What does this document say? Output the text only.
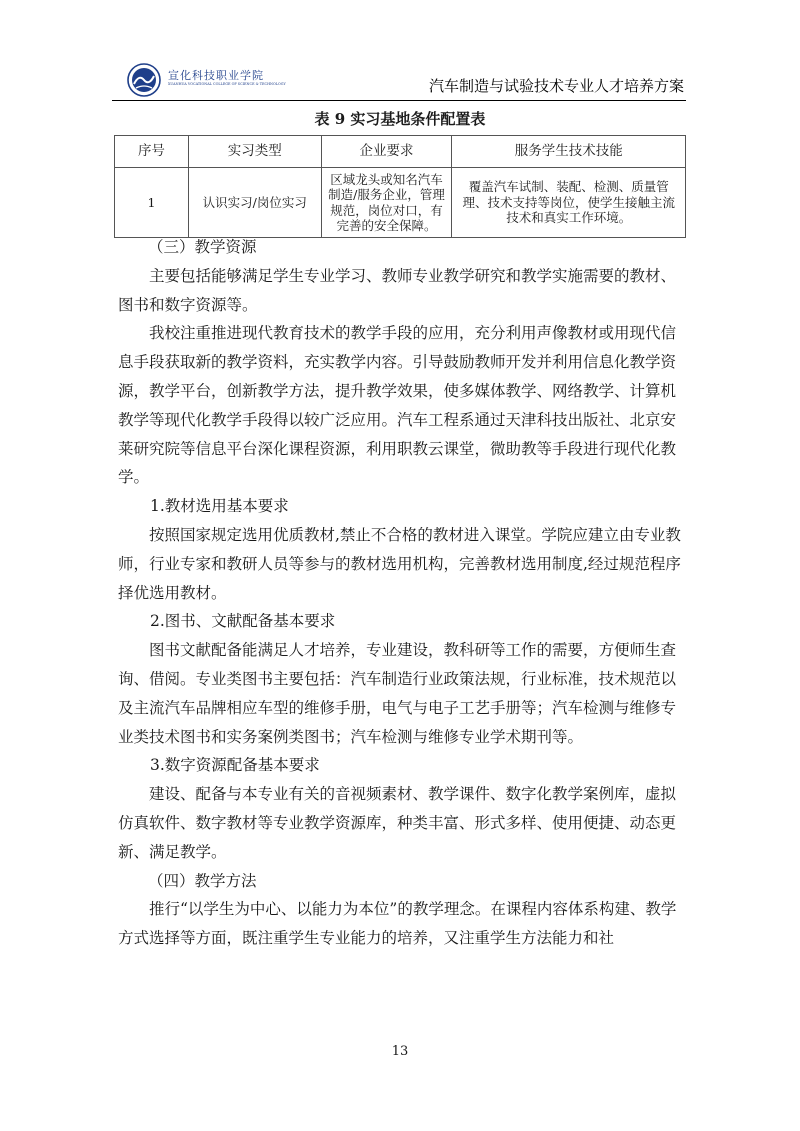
宣化科技职业学院
XUANHUA VOCATIONAL COLLEGE OF SCIENCE & TECHNOLOGY	汽车制造与试验技术专业人才培养方案
表 9 实习基地条件配置表
序号	实习类型	企业要求	服务学生技术技能
1	认识实习/岗位实习	区域龙头或知名汽车制造/服务企业，管理规范，岗位对口，有完善的安全保障。	覆盖汽车试制、装配、检测、质量管理、技术支持等岗位，使学生接触主流技术和真实工作环境。

（三）教学资源

主要包括能够满足学生专业学习、教师专业教学研究和教学实施需要的教材、图书和数字资源等。

我校注重推进现代教育技术的教学手段的应用，充分利用声像教材或用现代信息手段获取新的教学资料，充实教学内容。引导鼓励教师开发并利用信息化教学资源，教学平台，创新教学方法，提升教学效果，使多媒体教学、网络教学、计算机教学等现代化教学手段得以较广泛应用。汽车工程系通过天津科技出版社、北京安莱研究院等信息平台深化课程资源，利用职教云课堂，微助教等手段进行现代化教学。

1.教材选用基本要求

按照国家规定选用优质教材,禁止不合格的教材进入课堂。学院应建立由专业教师，行业专家和教研人员等参与的教材选用机构，完善教材选用制度,经过规范程序择优选用教材。

2.图书、文献配备基本要求

图书文献配备能满足人才培养，专业建设，教科研等工作的需要，方便师生查询、借阅。专业类图书主要包括：汽车制造行业政策法规，行业标准，技术规范以及主流汽车品牌相应车型的维修手册，电气与电子工艺手册等；汽车检测与维修专业类技术图书和实务案例类图书；汽车检测与维修专业学术期刊等。

3.数字资源配备基本要求

建设、配备与本专业有关的音视频素材、教学课件、数字化教学案例库，虚拟仿真软件、数字教材等专业教学资源库，种类丰富、形式多样、使用便捷、动态更新、满足教学。

（四）教学方法

推行“以学生为中心、以能力为本位”的教学理念。在课程内容体系构建、教学方式选择等方面，既注重学生专业能力的培养，又注重学生方法能力和社

13
